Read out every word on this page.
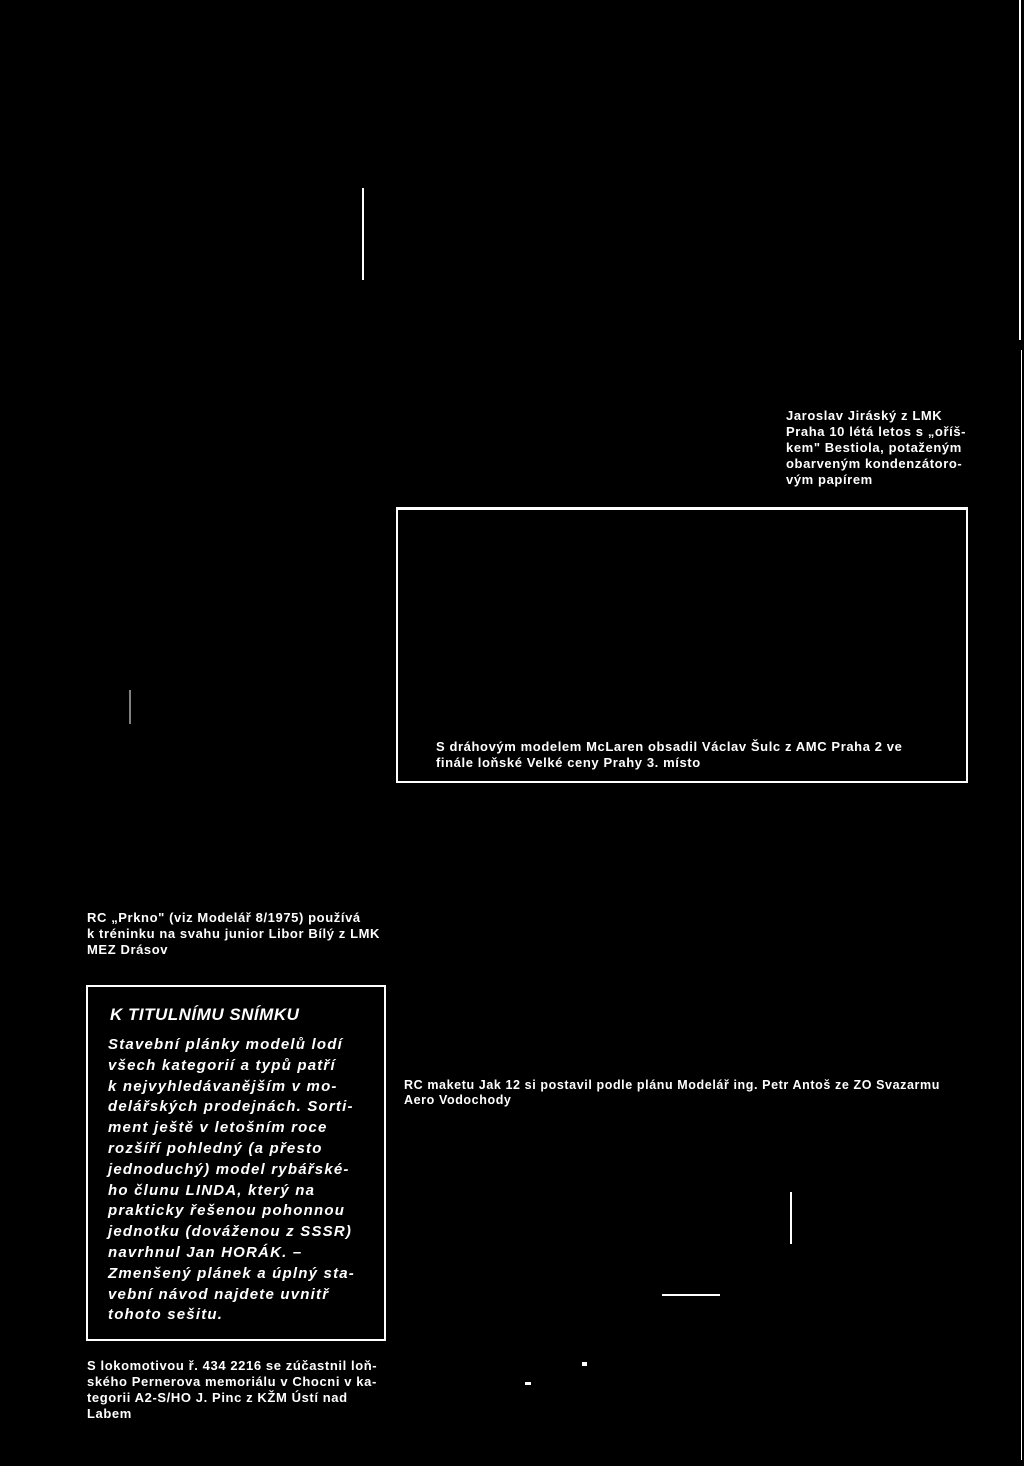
Jaroslav Jiráský z LMK
Praha 10 létá letos s „oříš-
kem" Bestiola, potaženým
obarveným kondenzátoro-
vým papírem

S dráhovým modelem McLaren obsadil Václav Šulc z AMC Praha 2 ve
finále loňské Velké ceny Prahy 3. místo

RC „Prkno" (viz Modelář 8/1975) používá
k tréninku na svahu junior Libor Bílý z LMK
MEZ Drásov

K TITULNÍMU SNÍMKU

Stavební plánky modelů lodí
všech kategorií a typů patří
k nejvyhledávanějším v mo-
delářských prodejnách. Sorti-
ment ještě v letošním roce
rozšíří pohledný (a přesto
jednoduchý) model rybářské-
ho člunu LINDA, který na
prakticky řešenou pohonnou
jednotku (dováženou z SSSR)
navrhnul Jan HORÁK. –
Zmenšený plánek a úplný sta-
vební návod najdete uvnitř
tohoto sešitu.

RC maketu Jak 12 si postavil podle plánu Modelář ing. Petr Antoš ze ZO Svazarmu
Aero Vodochody

S lokomotivou ř. 434 2216 se zúčastnil loň-
ského Pernerova memoriálu v Chocni v ka-
tegorii A2-S/HO J. Pinc z KŽM Ústí nad
Labem
